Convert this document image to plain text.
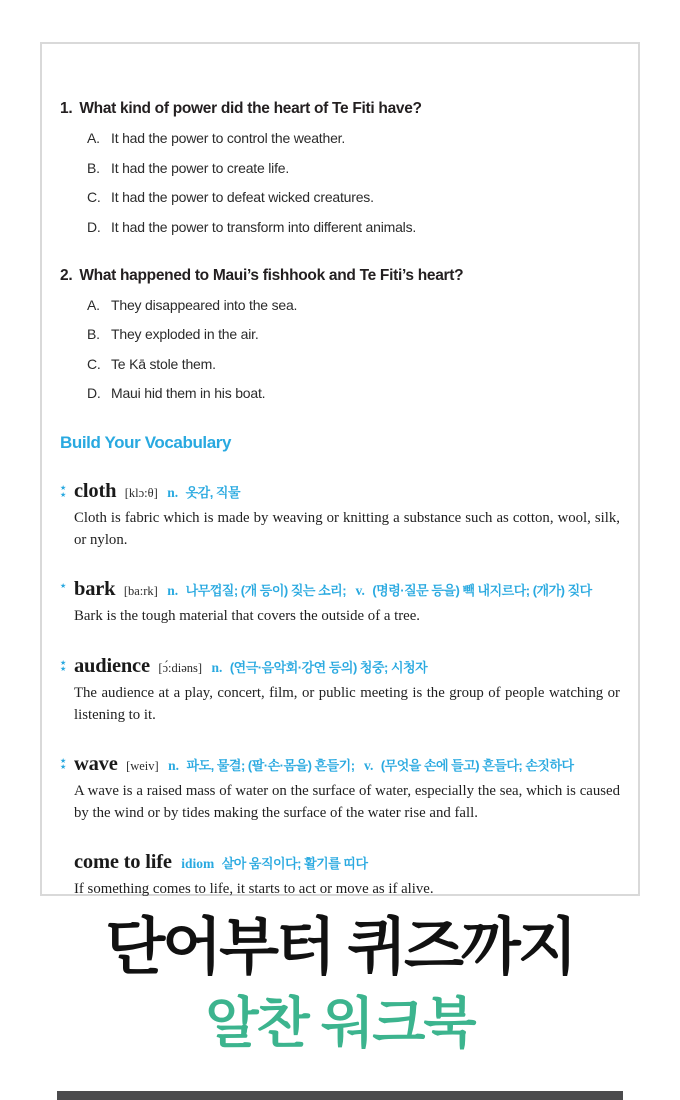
1. What kind of power did the heart of Te Fiti have?
A. It had the power to control the weather.
B. It had the power to create life.
C. It had the power to defeat wicked creatures.
D. It had the power to transform into different animals.
2. What happened to Maui’s fishhook and Te Fiti’s heart?
A. They disappeared into the sea.
B. They exploded in the air.
C. Te Kā stole them.
D. Maui hid them in his boat.
Build Your Vocabulary
★★ cloth [klɔ:θ] n. 옷감, 직물
Cloth is fabric which is made by weaving or knitting a substance such as cotton, wool, silk, or nylon.
★ bark [ba:rk] n. 나무껍질; (개 등이) 짖는 소리; v. (명령·질문 등을) 빽 내지르다; (개가) 짖다
Bark is the tough material that covers the outside of a tree.
★★ audience [ɔ́:diəns] n. (연극·음악회·강연 등의) 청중; 시청자
The audience at a play, concert, film, or public meeting is the group of people watching or listening to it.
★★ wave [weiv] n. 파도, 물결; (팔·손·몸을) 흔들기; v. (무엇을 손에 들고) 흔들다; 손짓하다
A wave is a raised mass of water on the surface of water, especially the sea, which is caused by the wind or by tides making the surface of the water rise and fall.
come to life idiom 살아 움직이다; 활기를 띠다
If something comes to life, it starts to act or move as if alive.
단어부터 퀴즈까지
알찬 워크북
